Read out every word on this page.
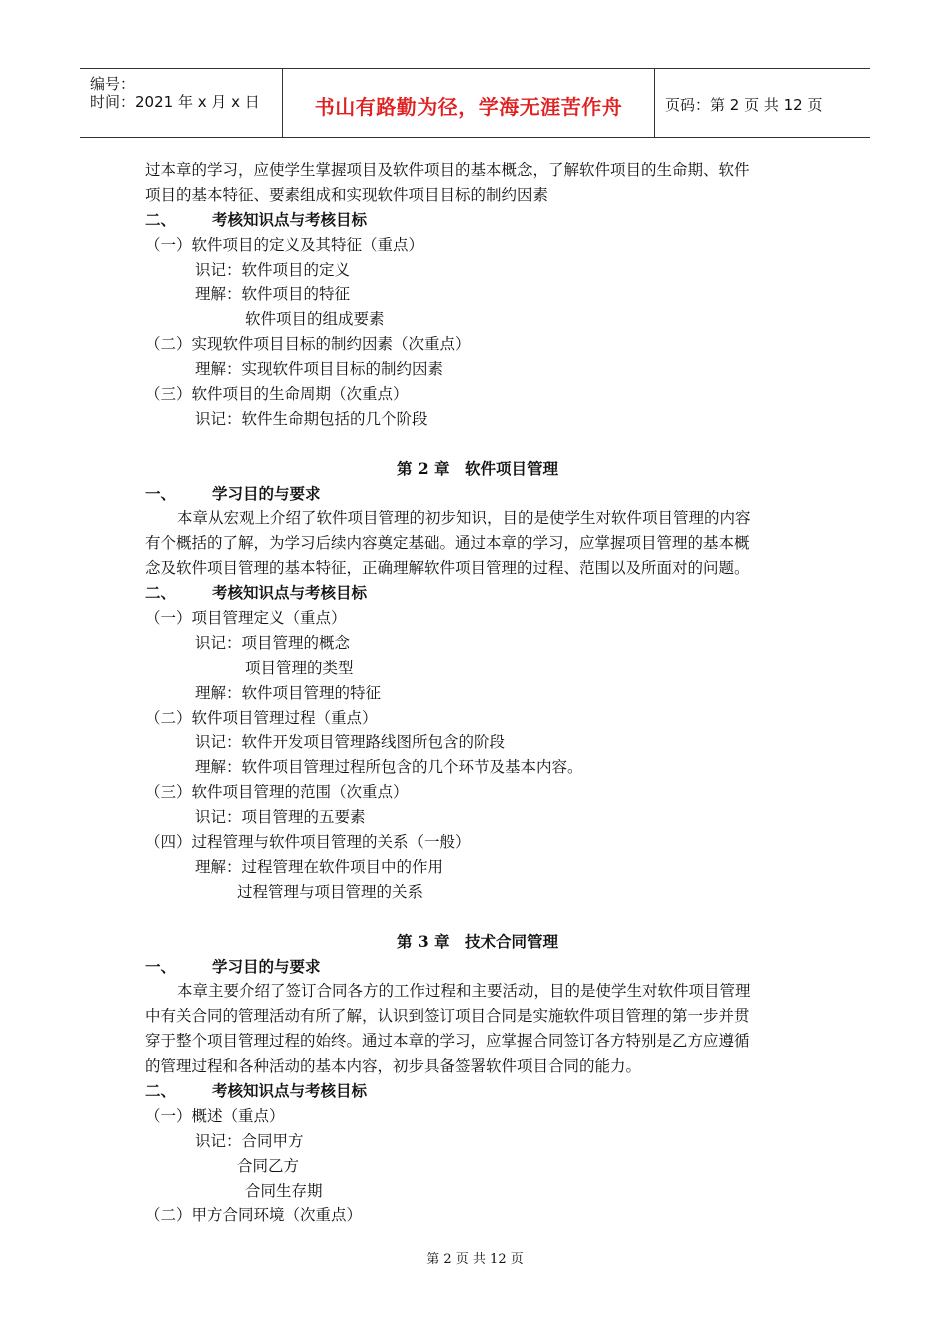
编号：
时间：2021 年 x 月 x 日	书山有路勤为径，学海无涯苦作舟	页码：第 2 页 共 12 页
过本章的学习，应使学生掌握项目及软件项目的基本概念，了解软件项目的生命期、软件
项目的基本特征、要素组成和实现软件项目目标的制约因素
二、 考核知识点与考核目标
（一）软件项目的定义及其特征（重点）
识记：软件项目的定义
理解：软件项目的特征
软件项目的组成要素
（二）实现软件项目目标的制约因素（次重点）
理解：实现软件项目目标的制约因素
（三）软件项目的生命周期（次重点）
识记：软件生命期包括的几个阶段
第 2 章　软件项目管理
一、 学习目的与要求
本章从宏观上介绍了软件项目管理的初步知识，目的是使学生对软件项目管理的内容
有个概括的了解，为学习后续内容奠定基础。通过本章的学习，应掌握项目管理的基本概
念及软件项目管理的基本特征，正确理解软件项目管理的过程、范围以及所面对的问题。
二、 考核知识点与考核目标
（一）项目管理定义（重点）
识记：项目管理的概念
项目管理的类型
理解：软件项目管理的特征
（二）软件项目管理过程（重点）
识记：软件开发项目管理路线图所包含的阶段
理解：软件项目管理过程所包含的几个环节及基本内容。
（三）软件项目管理的范围（次重点）
识记：项目管理的五要素
（四）过程管理与软件项目管理的关系（一般）
理解：过程管理在软件项目中的作用
过程管理与项目管理的关系
第 3 章　技术合同管理
一、 学习目的与要求
本章主要介绍了签订合同各方的工作过程和主要活动，目的是使学生对软件项目管理
中有关合同的管理活动有所了解，认识到签订项目合同是实施软件项目管理的第一步并贯
穿于整个项目管理过程的始终。通过本章的学习，应掌握合同签订各方特别是乙方应遵循
的管理过程和各种活动的基本内容，初步具备签署软件项目合同的能力。
二、 考核知识点与考核目标
（一）概述（重点）
识记：合同甲方
合同乙方
合同生存期
（二）甲方合同环境（次重点）
第 2 页 共 12 页
